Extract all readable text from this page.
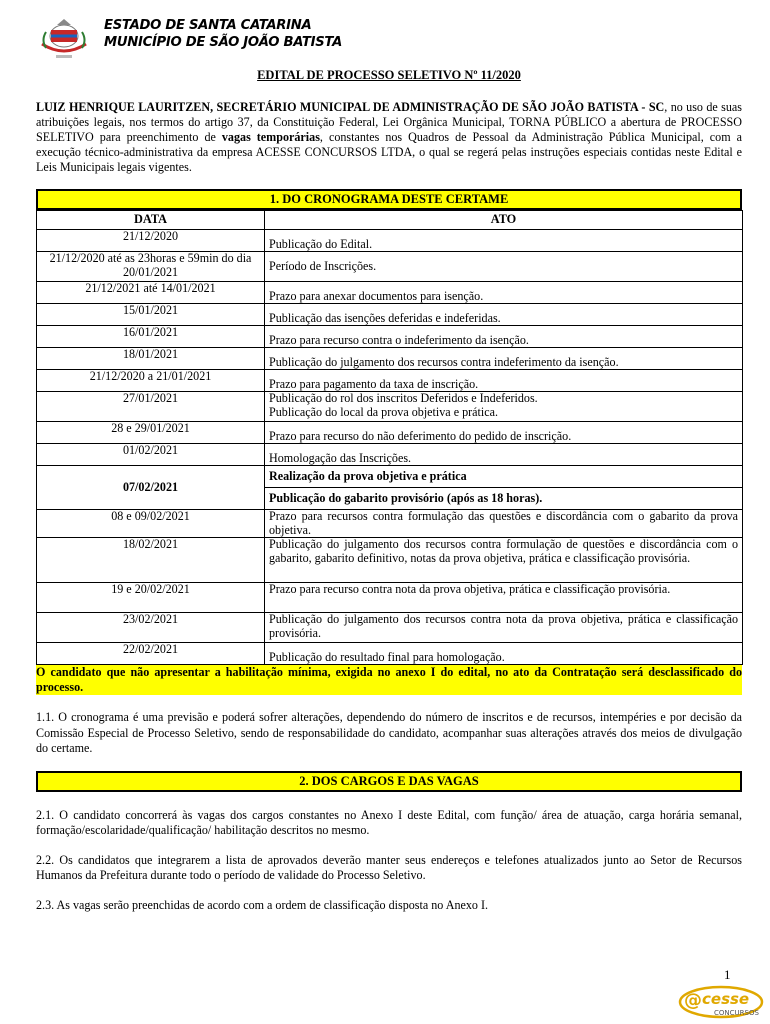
ESTADO DE SANTA CATARINA
MUNICÍPIO DE SÃO JOÃO BATISTA
EDITAL DE PROCESSO SELETIVO Nº 11/2020
LUIZ HENRIQUE LAURITZEN, SECRETÁRIO MUNICIPAL DE ADMINISTRAÇÃO DE SÃO JOÃO BATISTA - SC, no uso de suas atribuições legais, nos termos do artigo 37, da Constituição Federal, Lei Orgânica Municipal, TORNA PÚBLICO a abertura de PROCESSO SELETIVO para preenchimento de vagas temporárias, constantes nos Quadros de Pessoal da Administração Pública Municipal, com a execução técnico-administrativa da empresa ACESSE CONCURSOS LTDA, o qual se regerá pelas instruções especiais contidas neste Edital e Leis Municipais legais vigentes.
1. DO CRONOGRAMA DESTE CERTAME
DATA	ATO
21/12/2020	Publicação do Edital.
21/12/2020 até as 23horas e 59min do dia 20/01/2021	Período de Inscrições.
21/12/2021 até 14/01/2021	Prazo para anexar documentos para isenção.
15/01/2021	Publicação das isenções deferidas e indeferidas.
16/01/2021	Prazo para recurso contra o indeferimento da isenção.
18/01/2021	Publicação do julgamento dos recursos contra indeferimento da isenção.
21/12/2020 a 21/01/2021	Prazo para pagamento da taxa de inscrição.
27/01/2021	Publicação do rol dos inscritos Deferidos e Indeferidos.
Publicação do local da prova objetiva e prática.

28 e 29/01/2021	Prazo para recurso do não deferimento do pedido de inscrição.
01/02/2021	Homologação das Inscrições.
07/02/2021	Realização da prova objetiva e prática
	Publicação do gabarito provisório (após as 18 horas).
08 e 09/02/2021	Prazo para recursos contra formulação das questões e discordância com o gabarito da prova objetiva.
18/02/2021	Publicação do julgamento dos recursos contra formulação de questões e discordância com o gabarito, gabarito definitivo, notas da prova objetiva, prática e classificação provisória.
19 e 20/02/2021	Prazo para recurso contra nota da prova objetiva, prática e classificação provisória.
23/02/2021	Publicação do julgamento dos recursos contra nota da prova objetiva, prática e classificação provisória.
22/02/2021	Publicação do resultado final para homologação.
O candidato que não apresentar a habilitação mínima, exigida no anexo I do edital, no ato da Contratação será desclassificado do processo.
1.1. O cronograma é uma previsão e poderá sofrer alterações, dependendo do número de inscritos e de recursos, intempéries e por decisão da Comissão Especial de Processo Seletivo, sendo de responsabilidade do candidato, acompanhar suas alterações através dos meios de divulgação do certame.
2. DOS CARGOS E DAS VAGAS
2.1. O candidato concorrerá às vagas dos cargos constantes no Anexo I deste Edital, com função/ área de atuação, carga horária semanal, formação/escolaridade/qualificação/ habilitação descritos no mesmo.
2.2. Os candidatos que integrarem a lista de aprovados deverão manter seus endereços e telefones atualizados junto ao Setor de Recursos Humanos da Prefeitura durante todo o período de validade do Processo Seletivo.
2.3. As vagas serão preenchidas de acordo com a ordem de classificação disposta no Anexo I.
1
@ cesse
CONCURSOS
